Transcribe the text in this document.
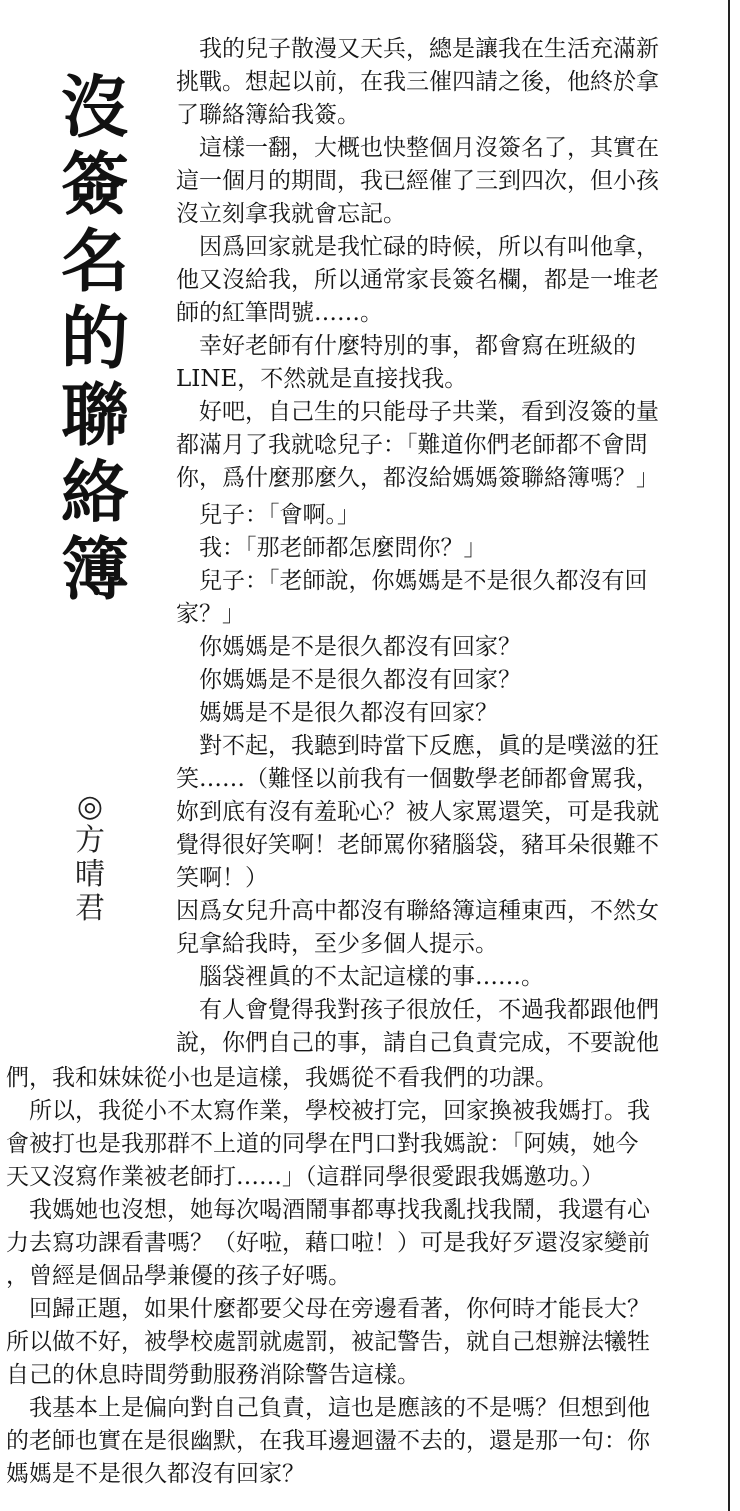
沒
簽
名
的
聯
絡
簿
◎
方
晴
君
　我的兒子散漫又天兵，總是讓我在生活充滿新
挑戰。想起以前，在我三催四請之後，他終於拿
了聯絡簿給我簽。
　這樣一翻，大概也快整個月沒簽名了，其實在
這一個月的期間，我已經催了三到四次，但小孩
沒立刻拿我就會忘記。
　因爲回家就是我忙碌的時候，所以有叫他拿，
他又沒給我，所以通常家長簽名欄，都是一堆老
師的紅筆問號……。
　幸好老師有什麼特別的事，都會寫在班級的
LINE，不然就是直接找我。
　好吧，自己生的只能母子共業，看到沒簽的量
都滿月了我就唸兒子：「難道你們老師都不會問
你，爲什麼那麼久，都沒給媽媽簽聯絡簿嗎？」
　兒子：「會啊。」
　我：「那老師都怎麼問你？」
　兒子：「老師說，你媽媽是不是很久都沒有回
家？」
　你媽媽是不是很久都沒有回家？
　你媽媽是不是很久都沒有回家？
　媽媽是不是很久都沒有回家？
　對不起，我聽到時當下反應，眞的是噗滋的狂
笑……（難怪以前我有一個數學老師都會罵我，
妳到底有沒有羞恥心？被人家罵還笑，可是我就
覺得很好笑啊！老師罵你豬腦袋，豬耳朵很難不
笑啊！）
因爲女兒升高中都沒有聯絡簿這種東西，不然女
兒拿給我時，至少多個人提示。
　腦袋裡眞的不太記這樣的事……。
　有人會覺得我對孩子很放任，不過我都跟他們
說，你們自己的事，請自己負責完成，不要說他
們，我和妹妹從小也是這樣，我媽從不看我們的功課。
　所以，我從小不太寫作業，學校被打完，回家換被我媽打。我
會被打也是我那群不上道的同學在門口對我媽說：「阿姨，她今
天又沒寫作業被老師打……」（這群同學很愛跟我媽邀功。）
　我媽她也沒想，她每次喝酒鬧事都專找我亂找我鬧，我還有心
力去寫功課看書嗎？（好啦，藉口啦！）可是我好歹還沒家變前
，曾經是個品學兼優的孩子好嗎。
　回歸正題，如果什麼都要父母在旁邊看著，你何時才能長大？
所以做不好，被學校處罰就處罰，被記警告，就自己想辦法犧牲
自己的休息時間勞動服務消除警告這樣。
　我基本上是偏向對自己負責，這也是應該的不是嗎？但想到他
的老師也實在是很幽默，在我耳邊迴盪不去的，還是那一句：你
媽媽是不是很久都沒有回家？
